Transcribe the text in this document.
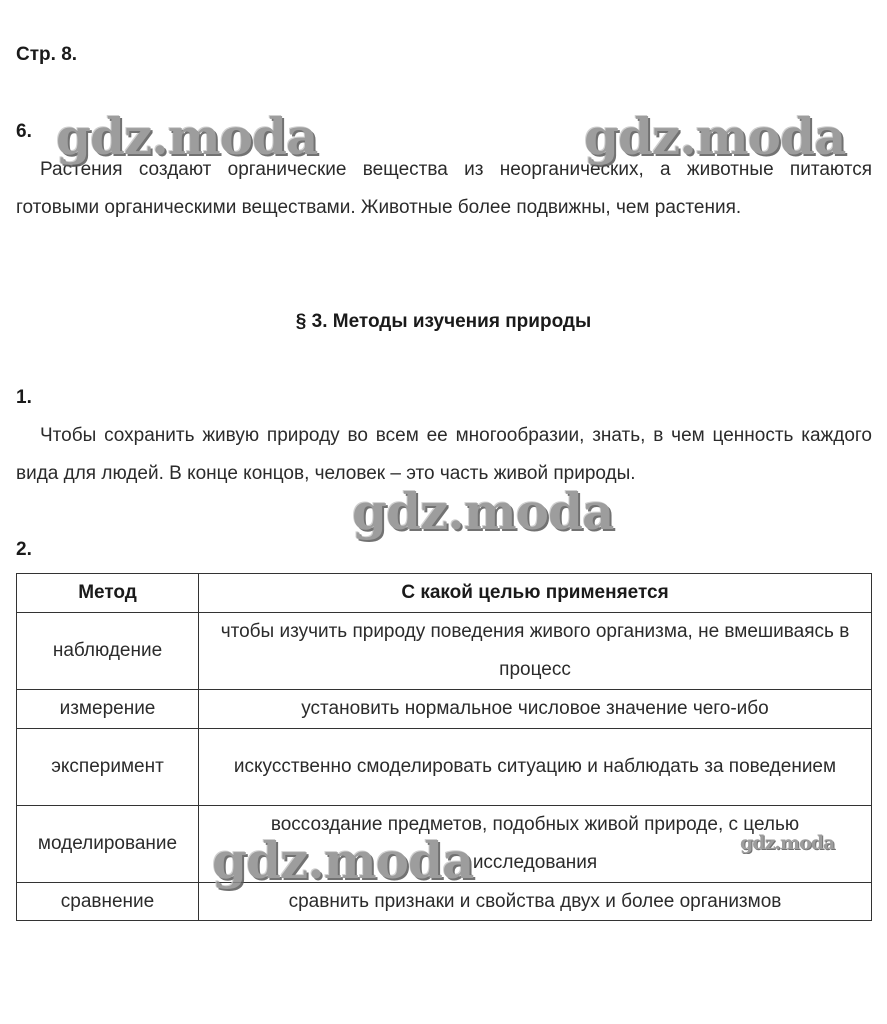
Стр. 8.
6.
Растения создают органические вещества из неорганических, а животные питаются готовыми органическими веществами. Животные более подвижны, чем растения.
§ 3. Методы изучения природы
1.
Чтобы сохранить живую природу во всем ее многообразии, знать, в чем ценность каждого вида для людей. В конце концов, человек – это часть живой природы.
2.
Метод	С какой целью применяется
наблюдение	чтобы изучить природу поведения живого организма, не вмешиваясь в процесс
измерение	установить нормальное числовое значение чего-ибо
эксперимент	искусственно смоделировать ситуацию и наблюдать за поведением
моделирование	воссоздание предметов, подобных живой природе, с целью исследования
сравнение	сравнить признаки и свойства двух и более организмов
gdz.moda	gdz.moda
gdz.moda
gdz.moda	gdz.moda
